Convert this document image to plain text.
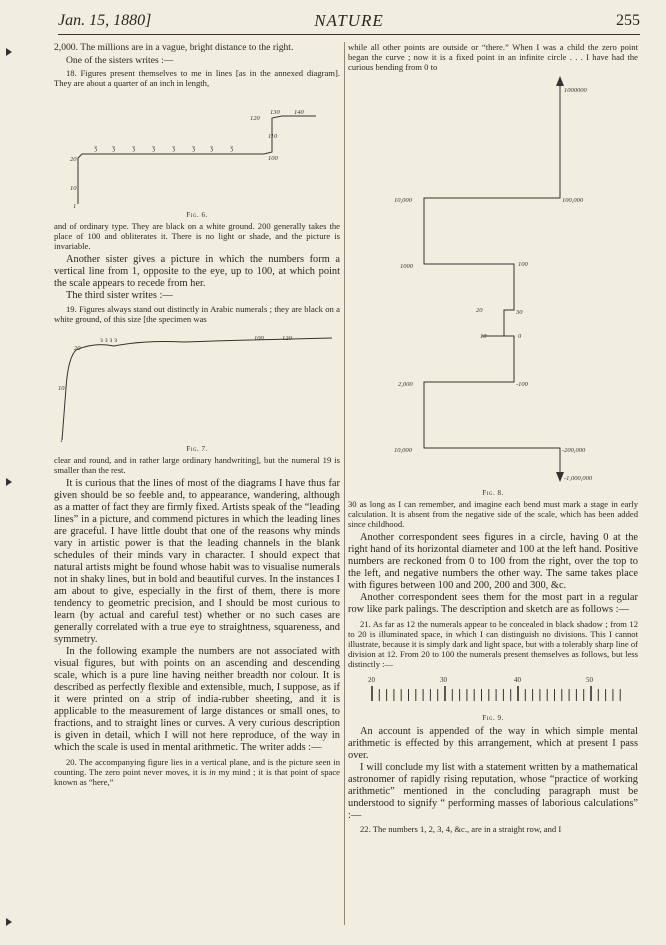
Jan. 15, 1880]	NATURE	255

2,000. The millions are in a vague, bright distance to the right.

One of the sisters writes :—

18. Figures present themselves to me in lines [as in the annexed diagram]. They are about a quarter of an inch in length,

ʒ ʒ ʒ ʒ ʒ ʒ ʒ ʒ
120
130 140
110
100
20
10
1
Fig. 6.

and of ordinary type. They are black on a white ground. 200 generally takes the place of 100 and obliterates it. There is no light or shade, and the picture is invariable.

Another sister gives a picture in which the numbers form a vertical line from 1, opposite to the eye, up to 100, at which point the scale appears to recede from her.

The third sister writes :—

19. Figures always stand out distinctly in Arabic numerals ; they are black on a white ground, of this size [the specimen was

20
ɜ ɜ ɜ ɜ	100	120
10
1
Fig. 7.

clear and round, and in rather large ordinary handwriting], but the numeral 19 is smaller than the rest.

It is curious that the lines of most of the diagrams I have thus far given should be so feeble and, to appearance, wandering, although as a matter of fact they are firmly fixed. Artists speak of the “leading lines” in a picture, and commend pictures in which the leading lines are graceful. I have little doubt that one of the reasons why minds vary in artistic power is that the leading channels in the blank schedules of their minds vary in character. I should expect that natural artists might be found whose habit was to visualise numerals not in shaky lines, but in bold and beautiful curves. In the instances I am about to give, especially in the first of them, there is more tendency to geometric precision, and I should be most curious to learn (by actual and careful test) whether or no such cases are generally correlated with a true eye to straightness, squareness, and symmetry.

In the following example the numbers are not associated with visual figures, but with points on an ascending and descending scale, which is a pure line having neither breadth nor colour. It is described as perfectly flexible and extensible, much, I suppose, as if it were printed on a strip of india-rubber sheeting, and it is applicable to the measurement of large distances or small ones, to fractions, and to straight lines or curves. A very curious description is given in detail, which I will not here reproduce, of the way in which the scale is used in mental arithmetic. The writer adds :—

20. The accompanying figure lies in a vertical plane, and is the picture seen in counting. The zero point never moves, it is in my mind ; it is that point of space known as “here,”

while all other points are outside or “there.” When I was a child the zero point began the curve ; now it is a fixed point in an infinite circle . . . I have had the curious bending from 0 to

1000000
10,000	100,000
1000	100
20	30
10	0
2,000	-100
10,000	-200,000
-1,000,000
Fig. 8.

30 as long as I can remember, and imagine each bend must mark a stage in early calculation. It is absent from the negative side of the scale, which has been added since childhood.

Another correspondent sees figures in a circle, having 0 at the right hand of its horizontal diameter and 100 at the left hand. Positive numbers are reckoned from 0 to 100 from the right, over the top to the left, and negative numbers the other way. The same takes place with figures between 100 and 200, 200 and 300, &c.

Another correspondent sees them for the most part in a regular row like park palings. The description and sketch are as follows :—

21. As far as 12 the numerals appear to be concealed in black shadow ; from 12 to 20 is illuminated space, in which I can distinguish no divisions. This I cannot illustrate, because it is simply dark and light space, but with a tolerably sharp line of division at 12. From 20 to 100 the numerals present themselves as follows, but less distinctly :—

20	30	40	50
Fig. 9.

An account is appended of the way in which simple mental arithmetic is effected by this arrangement, which at present I pass over.

I will conclude my list with a statement written by a mathematical astronomer of rapidly rising reputation, whose “practice of working arithmetic” mentioned in the concluding paragraph must be understood to signify “ performing masses of laborious calculations” :—

22. The numbers 1, 2, 3, 4, &c., are in a straight row, and I
